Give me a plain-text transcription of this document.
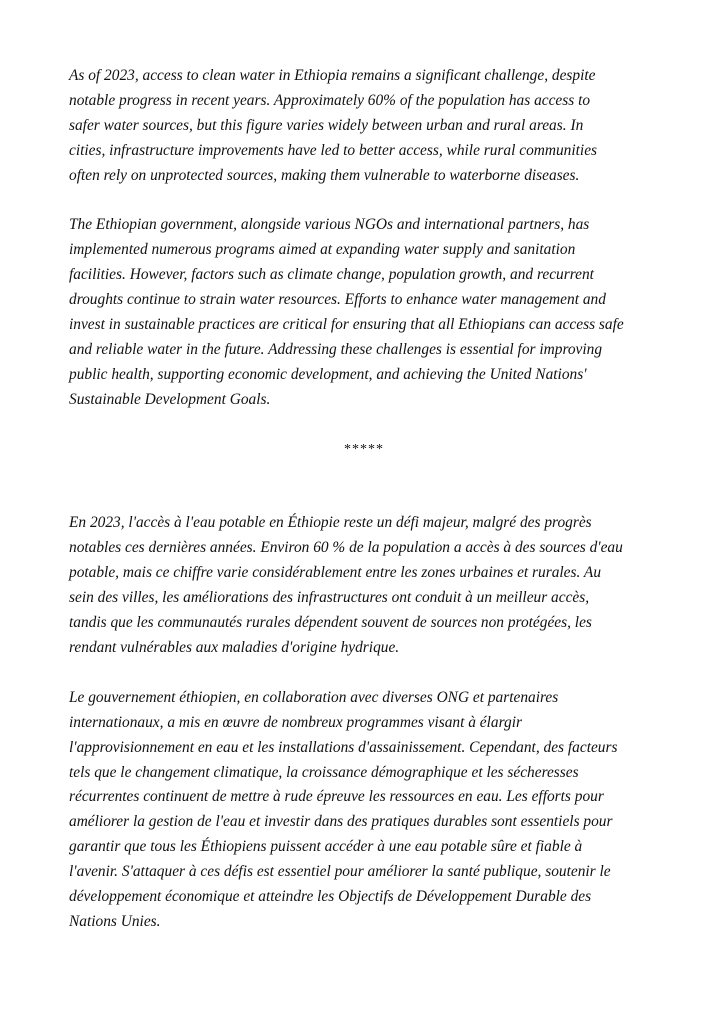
As of 2023, access to clean water in Ethiopia remains a significant challenge, despite
notable progress in recent years. Approximately 60% of the population has access to
safer water sources, but this figure varies widely between urban and rural areas. In
cities, infrastructure improvements have led to better access, while rural communities
often rely on unprotected sources, making them vulnerable to waterborne diseases.

The Ethiopian government, alongside various NGOs and international partners, has
implemented numerous programs aimed at expanding water supply and sanitation
facilities. However, factors such as climate change, population growth, and recurrent
droughts continue to strain water resources. Efforts to enhance water management and
invest in sustainable practices are critical for ensuring that all Ethiopians can access safe
and reliable water in the future. Addressing these challenges is essential for improving
public health, supporting economic development, and achieving the United Nations'
Sustainable Development Goals.

*****

En 2023, l'accès à l'eau potable en Éthiopie reste un défi majeur, malgré des progrès
notables ces dernières années. Environ 60 % de la population a accès à des sources d'eau
potable, mais ce chiffre varie considérablement entre les zones urbaines et rurales. Au
sein des villes, les améliorations des infrastructures ont conduit à un meilleur accès,
tandis que les communautés rurales dépendent souvent de sources non protégées, les
rendant vulnérables aux maladies d'origine hydrique.

Le gouvernement éthiopien, en collaboration avec diverses ONG et partenaires
internationaux, a mis en œuvre de nombreux programmes visant à élargir
l'approvisionnement en eau et les installations d'assainissement. Cependant, des facteurs
tels que le changement climatique, la croissance démographique et les sécheresses
récurrentes continuent de mettre à rude épreuve les ressources en eau. Les efforts pour
améliorer la gestion de l'eau et investir dans des pratiques durables sont essentiels pour
garantir que tous les Éthiopiens puissent accéder à une eau potable sûre et fiable à
l'avenir. S'attaquer à ces défis est essentiel pour améliorer la santé publique, soutenir le
développement économique et atteindre les Objectifs de Développement Durable des
Nations Unies.
